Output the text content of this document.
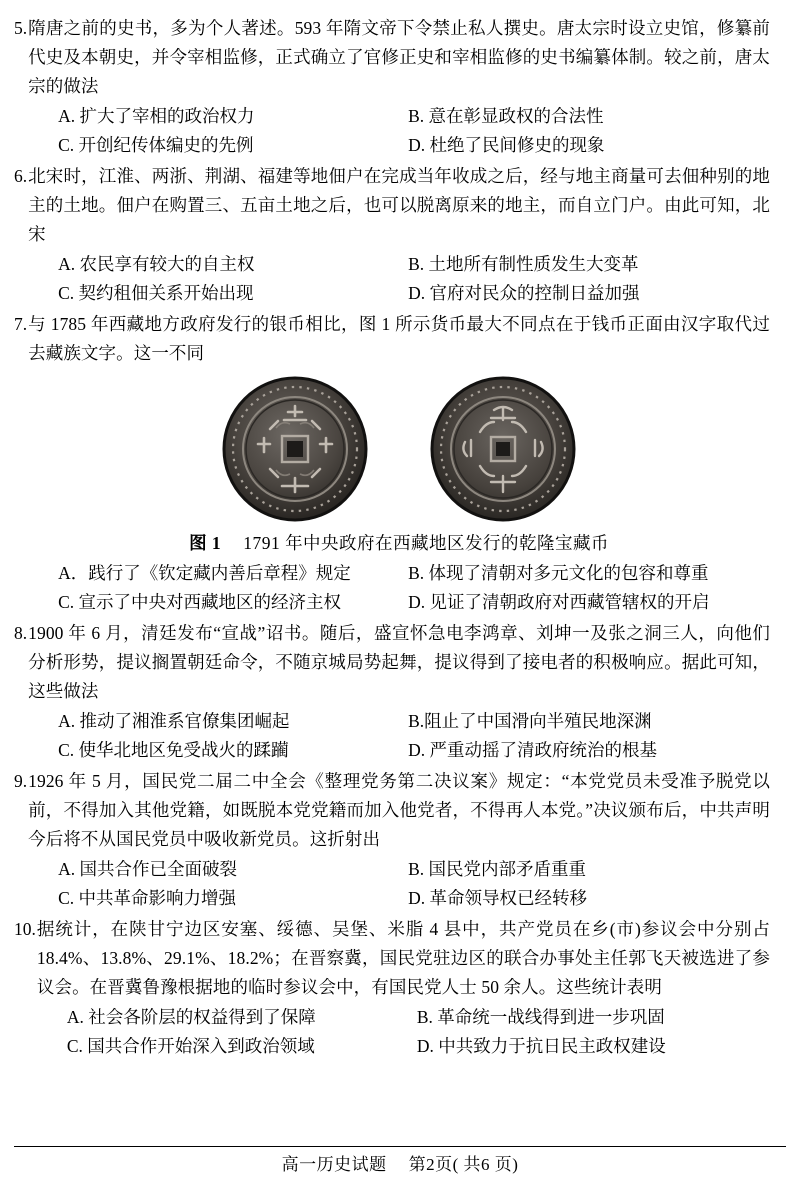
5. 隋唐之前的史书，多为个人著述。593 年隋文帝下令禁止私人撰史。唐太宗时设立史馆，修纂前代史及本朝史，并令宰相监修，正式确立了官修正史和宰相监修的史书编纂体制。较之前，唐太宗的做法
A. 扩大了宰相的政治权力	B. 意在彰显政权的合法性
C. 开创纪传体编史的先例	D. 杜绝了民间修史的现象
6. 北宋时，江淮、两浙、荆湖、福建等地佃户在完成当年收成之后，经与地主商量可去佃种别的地主的土地。佃户在购置三、五亩土地之后，也可以脱离原来的地主，而自立门户。由此可知，北宋
A. 农民享有较大的自主权	B. 土地所有制性质发生大变革
C. 契约租佃关系开始出现	D. 官府对民众的控制日益加强
7. 与 1785 年西藏地方政府发行的银币相比，图 1 所示货币最大不同点在于钱币正面由汉字取代过去藏族文字。这一不同
图 1 1791 年中央政府在西藏地区发行的乾隆宝藏币
A．践行了《钦定藏内善后章程》规定	B. 体现了清朝对多元文化的包容和尊重
C. 宣示了中央对西藏地区的经济主权	D. 见证了清朝政府对西藏管辖权的开启
8. 1900 年 6 月，清廷发布“宣战”诏书。随后，盛宣怀急电李鸿章、刘坤一及张之洞三人，向他们分析形势，提议搁置朝廷命令，不随京城局势起舞，提议得到了接电者的积极响应。据此可知，这些做法
A. 推动了湘淮系官僚集团崛起	B.阻止了中国滑向半殖民地深渊
C. 使华北地区免受战火的蹂躏	D. 严重动摇了清政府统治的根基
9. 1926 年 5 月，国民党二届二中全会《整理党务第二决议案》规定：“本党党员未受准予脱党以前，不得加入其他党籍，如既脱本党党籍而加入他党者，不得再人本党。”决议颁布后，中共声明今后将不从国民党员中吸收新党员。这折射出
A. 国共合作已全面破裂	B. 国民党内部矛盾重重
C. 中共革命影响力增强	D. 革命领导权已经转移
10. 据统计，在陕甘宁边区安塞、绥德、吴堡、米脂 4 县中，共产党员在乡(市)参议会中分别占 18.4%、13.8%、29.1%、18.2%；在晋察冀，国民党驻边区的联合办事处主任郭飞天被选进了参议会。在晋冀鲁豫根据地的临时参议会中，有国民党人士 50 余人。这些统计表明
A. 社会各阶层的权益得到了保障	B. 革命统一战线得到进一步巩固
C. 国共合作开始深入到政治领域	D. 中共致力于抗日民主政权建设
高一历史试题 第2页( 共6 页)
